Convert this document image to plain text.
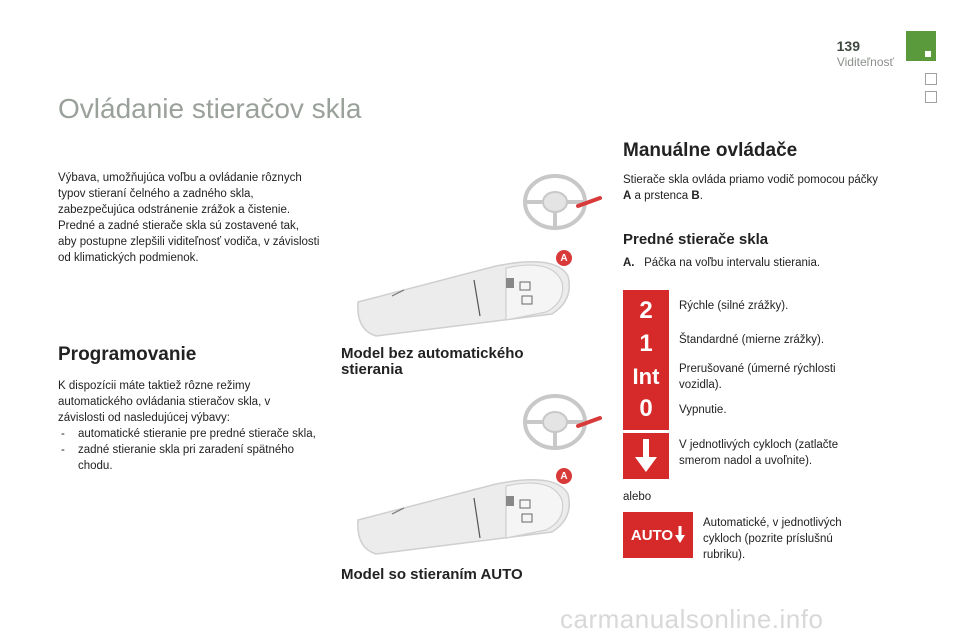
139
Viditeľnosť
Ovládanie stieračov skla
Výbava, umožňujúca voľbu a ovládanie rôznych typov stieraní čelného a zadného skla, zabezpečujúca odstránenie zrážok a čistenie. Predné a zadné stierače skla sú zostavené tak, aby postupne zlepšili viditeľnosť vodiča, v závislosti od klimatických podmienok.
Programovanie
K dispozícii máte taktiež rôzne režimy automatického ovládania stieračov skla, v závislosti od nasledujúcej výbavy:
- automatické stieranie pre predné stierače skla,
- zadné stieranie skla pri zaradení spätného chodu.
A
Model bez automatického stierania
A
Model so stieraním AUTO
Manuálne ovládače
Stierače skla ovláda priamo vodič pomocou páčky A a prstenca B.
Predné stierače skla
A. Páčka na voľbu intervalu stierania.
2
1
Int
0
Rýchle (silné zrážky).
Štandardné (mierne zrážky).
Prerušované (úmerné rýchlosti vozidla).
Vypnutie.
V jednotlivých cykloch (zatlačte smerom nadol a uvoľnite).
alebo
AUTO
Automatické, v jednotlivých cykloch (pozrite príslušnú rubriku).
carmanualsonline.info
